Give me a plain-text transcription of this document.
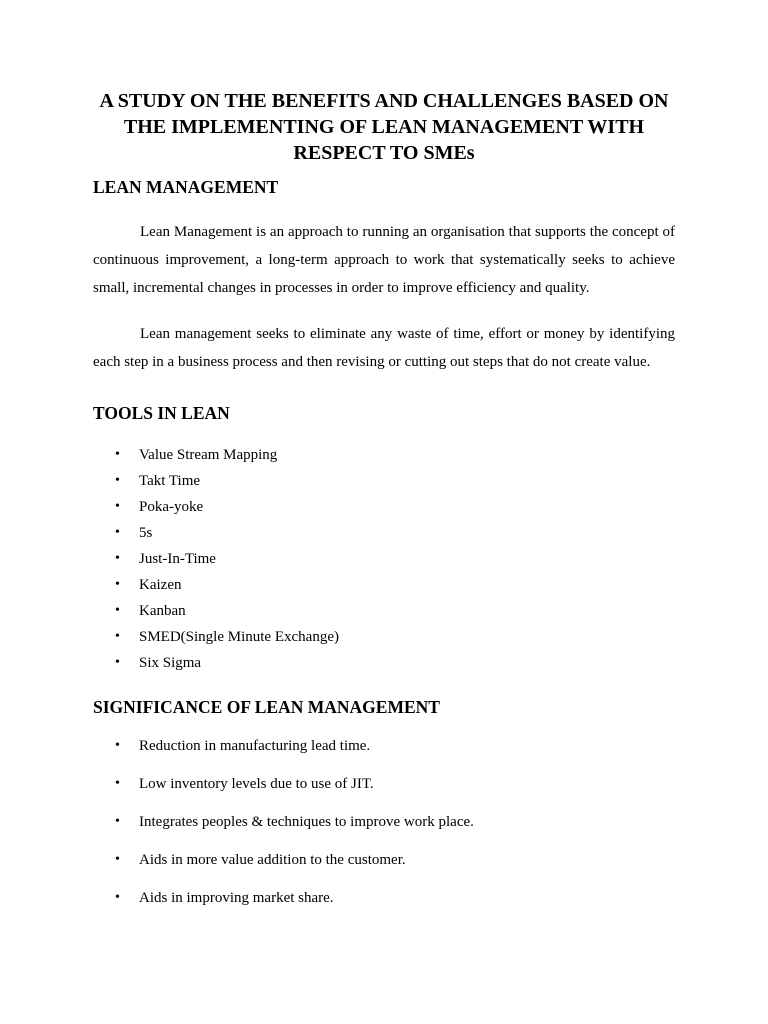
A STUDY ON THE BENEFITS AND CHALLENGES BASED ON THE IMPLEMENTING OF LEAN MANAGEMENT WITH RESPECT TO SMEs
LEAN MANAGEMENT

Lean Management is an approach to running an organisation that supports the concept of continuous improvement, a long-term approach to work that systematically seeks to achieve small, incremental changes in processes in order to improve efficiency and quality.

Lean management seeks to eliminate any waste of time, effort or money by identifying each step in a business process and then revising or cutting out steps that do not create value.

TOOLS IN LEAN
• Value Stream Mapping
• Takt Time
• Poka-yoke
• 5s
• Just-In-Time
• Kaizen
• Kanban
• SMED(Single Minute Exchange)
• Six Sigma
SIGNIFICANCE OF LEAN MANAGEMENT
• Reduction in manufacturing lead time.
• Low inventory levels due to use of JIT.
• Integrates peoples & techniques to improve work place.
• Aids in more value addition to the customer.
• Aids in improving market share.
